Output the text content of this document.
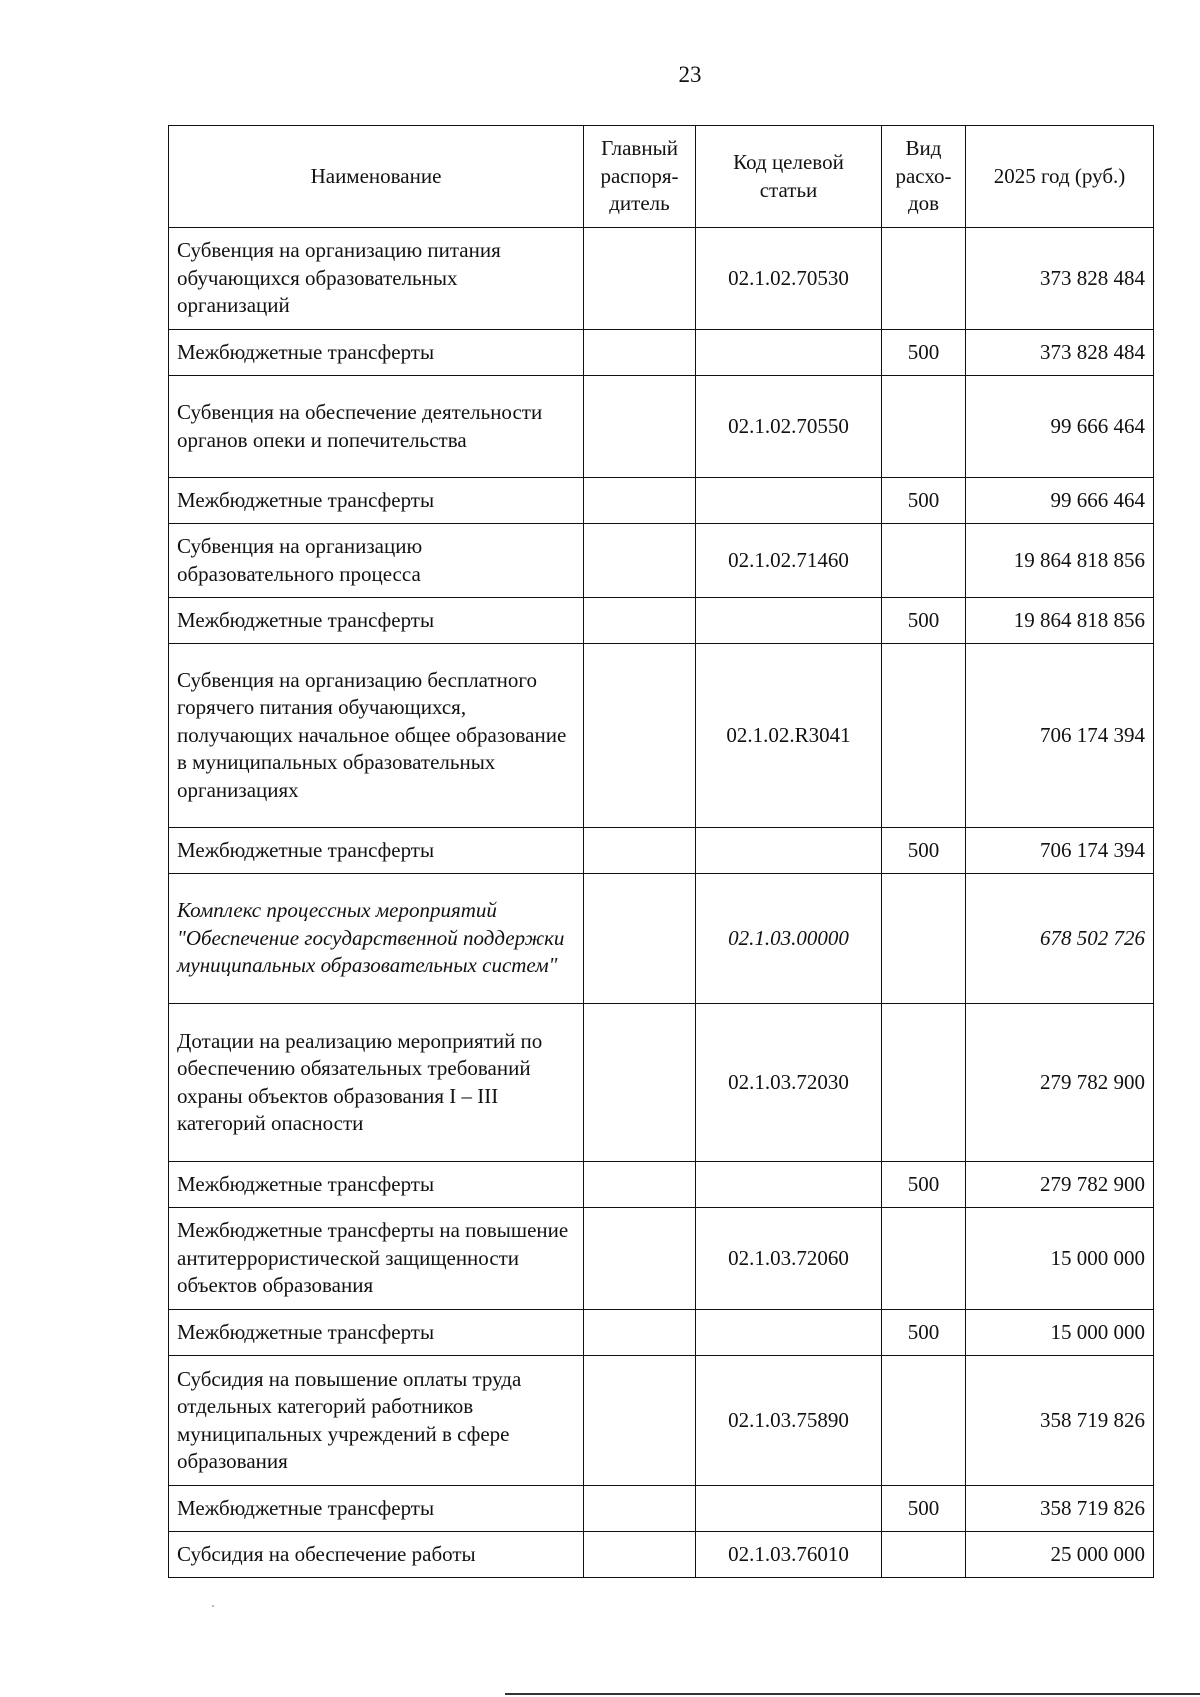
23
Наименование	Главный распоря-дитель	Код целевой статьи	Вид расхо-дов	2025 год (руб.)
Субвенция на организацию питания обучающихся образовательных организаций		02.1.02.70530		373 828 484
Межбюджетные трансферты			500	373 828 484
Субвенция на обеспечение деятельности органов опеки и попечительства		02.1.02.70550		99 666 464
Межбюджетные трансферты			500	99 666 464
Субвенция на организацию образовательного процесса		02.1.02.71460		19 864 818 856
Межбюджетные трансферты			500	19 864 818 856
Субвенция на организацию бесплатного горячего питания обучающихся, получающих начальное общее образование в муниципальных образовательных организациях		02.1.02.R3041		706 174 394
Межбюджетные трансферты			500	706 174 394
Комплекс процессных мероприятий "Обеспечение государственной поддержки муниципальных образовательных систем"		02.1.03.00000		678 502 726
Дотации на реализацию мероприятий по обеспечению обязательных требований охраны объектов образования I – III категорий опасности		02.1.03.72030		279 782 900
Межбюджетные трансферты			500	279 782 900
Межбюджетные трансферты на повышение антитеррористической защищенности объектов образования		02.1.03.72060		15 000 000
Межбюджетные трансферты			500	15 000 000
Субсидия на повышение оплаты труда отдельных категорий работников муниципальных учреждений в сфере образования		02.1.03.75890		358 719 826
Межбюджетные трансферты			500	358 719 826
Субсидия на обеспечение работы		02.1.03.76010		25 000 000
